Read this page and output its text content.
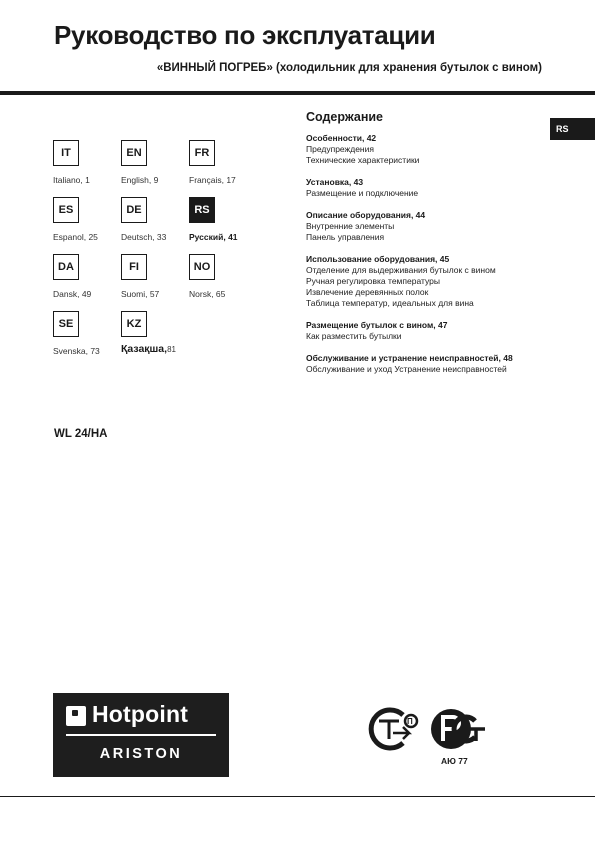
Руководство по эксплуатации
«ВИННЫЙ ПОГРЕБ» (холодильник для хранения бутылок с вином)
RS
IT
Italiano, 1
EN
English, 9
FR
Français, 17
ES
Espanol, 25
DE
Deutsch, 33
RS
Русский, 41
DA
Dansk, 49
FI
Suomi, 57
NO
Norsk, 65
SE
Svenska, 73
KZ
Қазақша,81
WL 24/HA
Содержание
Особенности, 42
Предупреждения
Технические характеристики
Установка, 43
Размещение и подключение
Описание оборудования, 44
Внутренние элементы
Панель управления
Использование оборудования, 45
Отделение для выдерживания бутылок с вином
Ручная регулировка температуры
Извлечение деревянных полок
Таблица температур, идеальных для вина
Размещение бутылок с вином, 47
Как разместить бутылки
Обслуживание и устранение неисправностей, 48
Обслуживание и уход Устранение неисправностей
Hotpoint
ARISTON
П
АЮ 77
